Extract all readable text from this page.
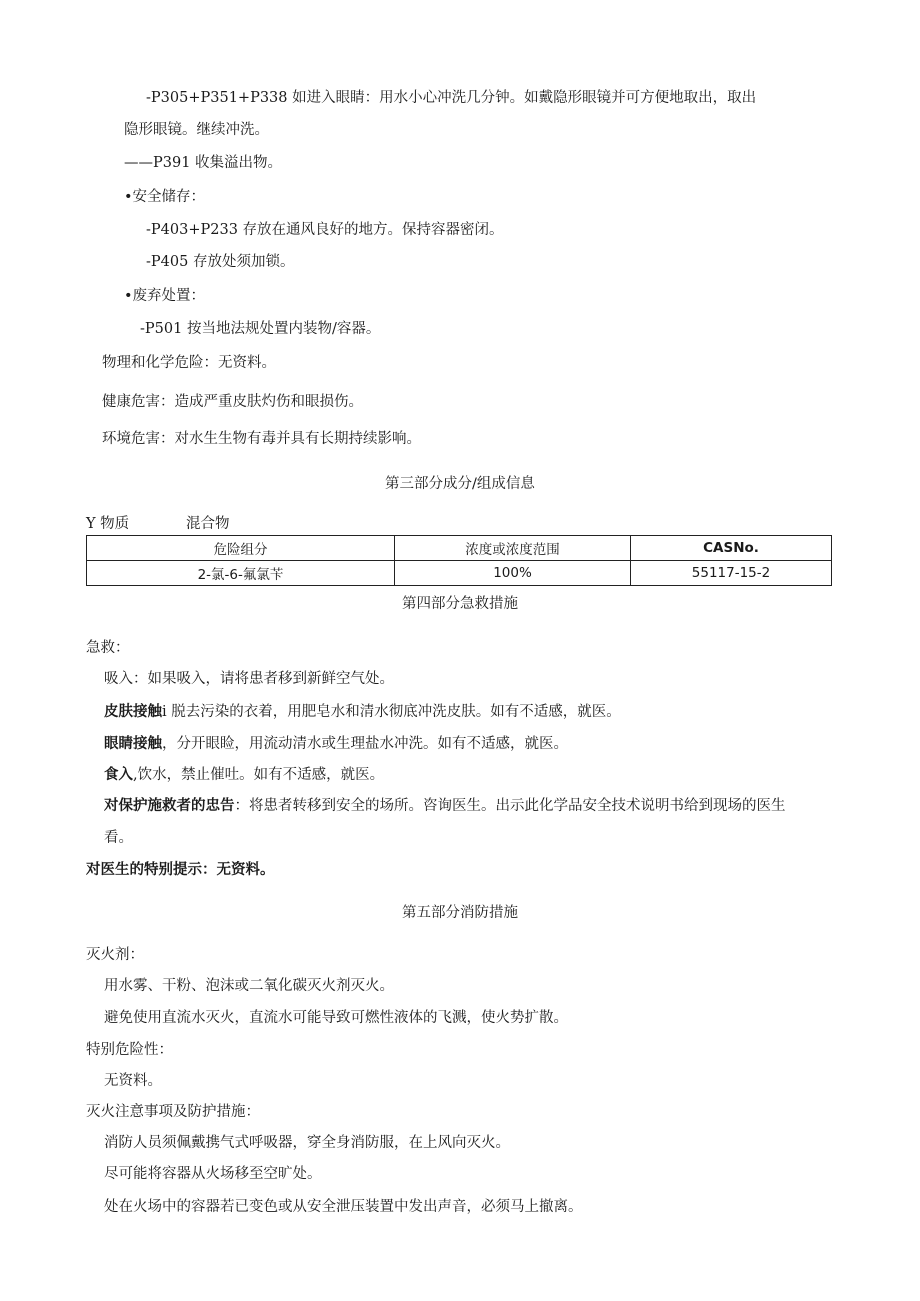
-P305+P351+P338 如进入眼睛：用水小心冲洗几分钟。如戴隐形眼镜并可方便地取出，取出
隐形眼镜。继续冲洗。
——P391 收集溢出物。
•安全储存：
-P403+P233 存放在通风良好的地方。保持容器密闭。
-P405 存放处须加锁。
•废弃处置：
-P501 按当地法规处置内装物/容器。
物理和化学危险：无资料。
健康危害：造成严重皮肤灼伤和眼损伤。
环境危害：对水生生物有毒并具有长期持续影响。
第三部分成分/组成信息
Y 物质	混合物
危险组分	浓度或浓度范围	CASNo.
2-氯-6-氟氯苄	100%	55117-15-2
第四部分急救措施
急救：
吸入：如果吸入，请将患者移到新鲜空气处。
皮肤接触i 脱去污染的衣着，用肥皂水和清水彻底冲洗皮肤。如有不适感，就医。
眼睛接触，分开眼睑，用流动清水或生理盐水冲洗。如有不适感，就医。
食入,饮水，禁止催吐。如有不适感，就医。
对保护施救者的忠告：将患者转移到安全的场所。咨询医生。出示此化学品安全技术说明书给到现场的医生
看。
对医生的特别提示：无资料。
第五部分消防措施
灭火剂：
用水雾、干粉、泡沫或二氧化碳灭火剂灭火。
避免使用直流水灭火，直流水可能导致可燃性液体的飞溅，使火势扩散。
特别危险性：
无资料。
灭火注意事项及防护措施：
消防人员须佩戴携气式呼吸器，穿全身消防服，在上风向灭火。
尽可能将容器从火场移至空旷处。
处在火场中的容器若已变色或从安全泄压装置中发出声音，必须马上撤离。
